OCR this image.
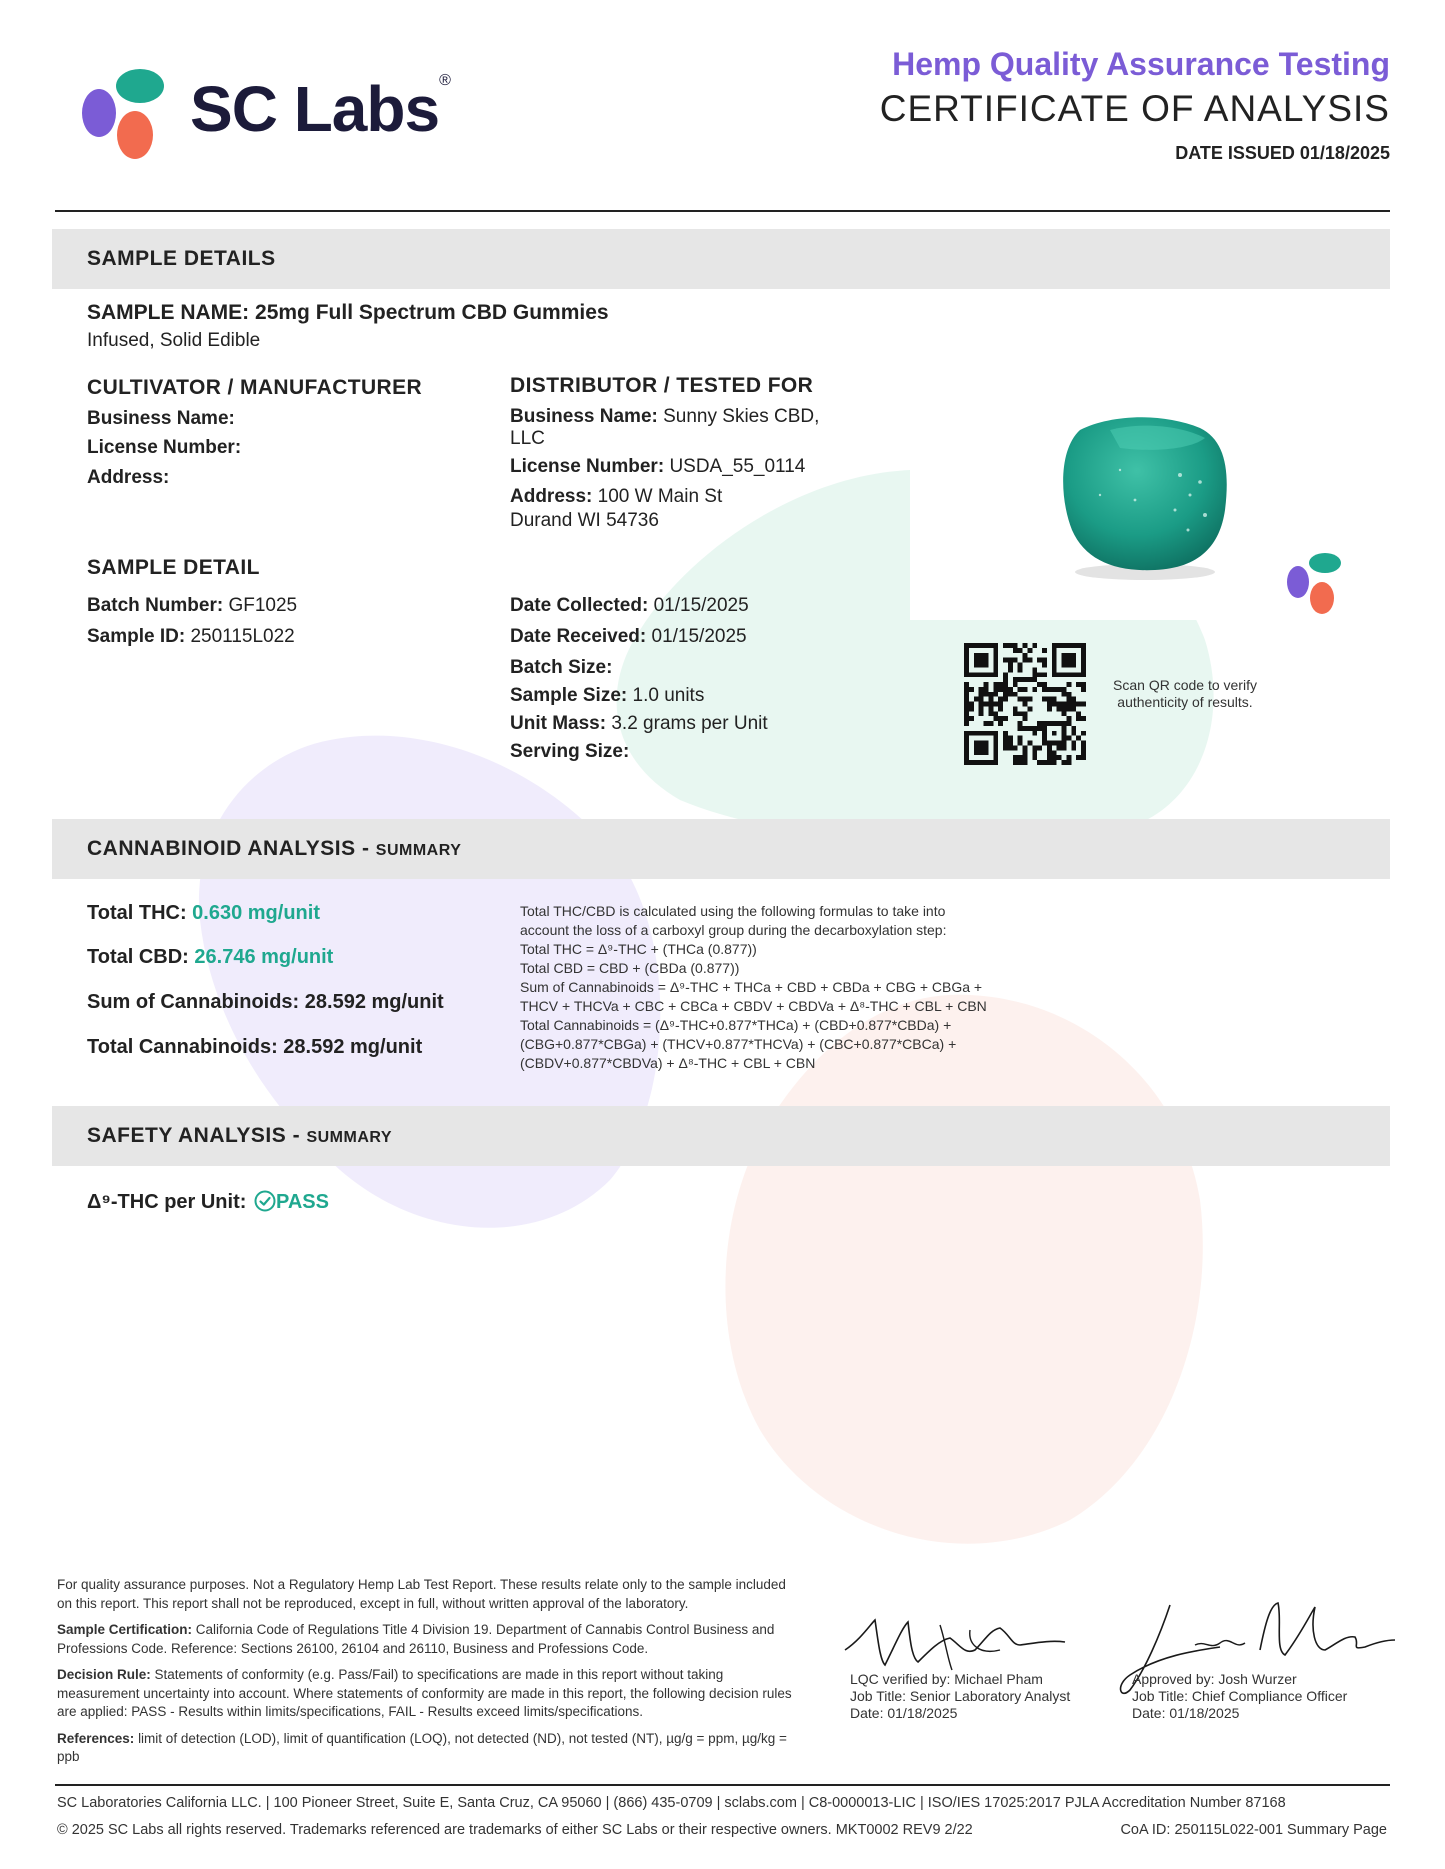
SC Labs®	Hemp Quality Assurance Testing
CERTIFICATE OF ANALYSIS
DATE ISSUED 01/18/2025
SAMPLE DETAILS
SAMPLE NAME: 25mg Full Spectrum CBD Gummies
Infused, Solid Edible
CULTIVATOR / MANUFACTURER
Business Name:
License Number:
Address:
DISTRIBUTOR / TESTED FOR
Business Name: Sunny Skies CBD,
LLC
License Number: USDA_55_0114
Address: 100 W Main St
Durand WI 54736
SAMPLE DETAIL
Batch Number: GF1025
Sample ID: 250115L022
Date Collected: 01/15/2025
Date Received: 01/15/2025
Batch Size:
Sample Size: 1.0 units
Unit Mass: 3.2 grams per Unit
Serving Size:
Scan QR code to verify
authenticity of results.
CANNABINOID ANALYSIS - SUMMARY
Total THC: 0.630 mg/unit
Total CBD: 26.746 mg/unit
Sum of Cannabinoids: 28.592 mg/unit
Total Cannabinoids: 28.592 mg/unit
Total THC/CBD is calculated using the following formulas to take into
account the loss of a carboxyl group during the decarboxylation step:
Total THC = Δ⁹-THC + (THCa (0.877))
Total CBD = CBD + (CBDa (0.877))
Sum of Cannabinoids = Δ⁹-THC + THCa + CBD + CBDa + CBG + CBGa +
THCV + THCVa + CBC + CBCa + CBDV + CBDVa + Δ⁸-THC + CBL + CBN
Total Cannabinoids = (Δ⁹-THC+0.877*THCa) + (CBD+0.877*CBDa) +
(CBG+0.877*CBGa) + (THCV+0.877*THCVa) + (CBC+0.877*CBCa) +
(CBDV+0.877*CBDVa) + Δ⁸-THC + CBL + CBN
SAFETY ANALYSIS - SUMMARY
Δ⁹-THC per Unit: PASS

For quality assurance purposes. Not a Regulatory Hemp Lab Test Report. These results relate only to the sample included on this report. This report shall not be reproduced, except in full, without written approval of the laboratory.

Sample Certification: California Code of Regulations Title 4 Division 19. Department of Cannabis Control Business and Professions Code. Reference: Sections 26100, 26104 and 26110, Business and Professions Code.

Decision Rule: Statements of conformity (e.g. Pass/Fail) to specifications are made in this report without taking measurement uncertainty into account. Where statements of conformity are made in this report, the following decision rules are applied: PASS - Results within limits/specifications, FAIL - Results exceed limits/specifications.

References: limit of detection (LOD), limit of quantification (LOQ), not detected (ND), not tested (NT), µg/g = ppm, µg/kg = ppb

LQC verified by: Michael Pham
Job Title: Senior Laboratory Analyst
Date: 01/18/2025
Approved by: Josh Wurzer
Job Title: Chief Compliance Officer
Date: 01/18/2025
SC Laboratories California LLC. | 100 Pioneer Street, Suite E, Santa Cruz, CA 95060 | (866) 435-0709 | sclabs.com | C8-0000013-LIC | ISO/IES 17025:2017 PJLA Accreditation Number 87168
© 2025 SC Labs all rights reserved. Trademarks referenced are trademarks of either SC Labs or their respective owners. MKT0002 REV9 2/22	CoA ID: 250115L022-001 Summary Page
